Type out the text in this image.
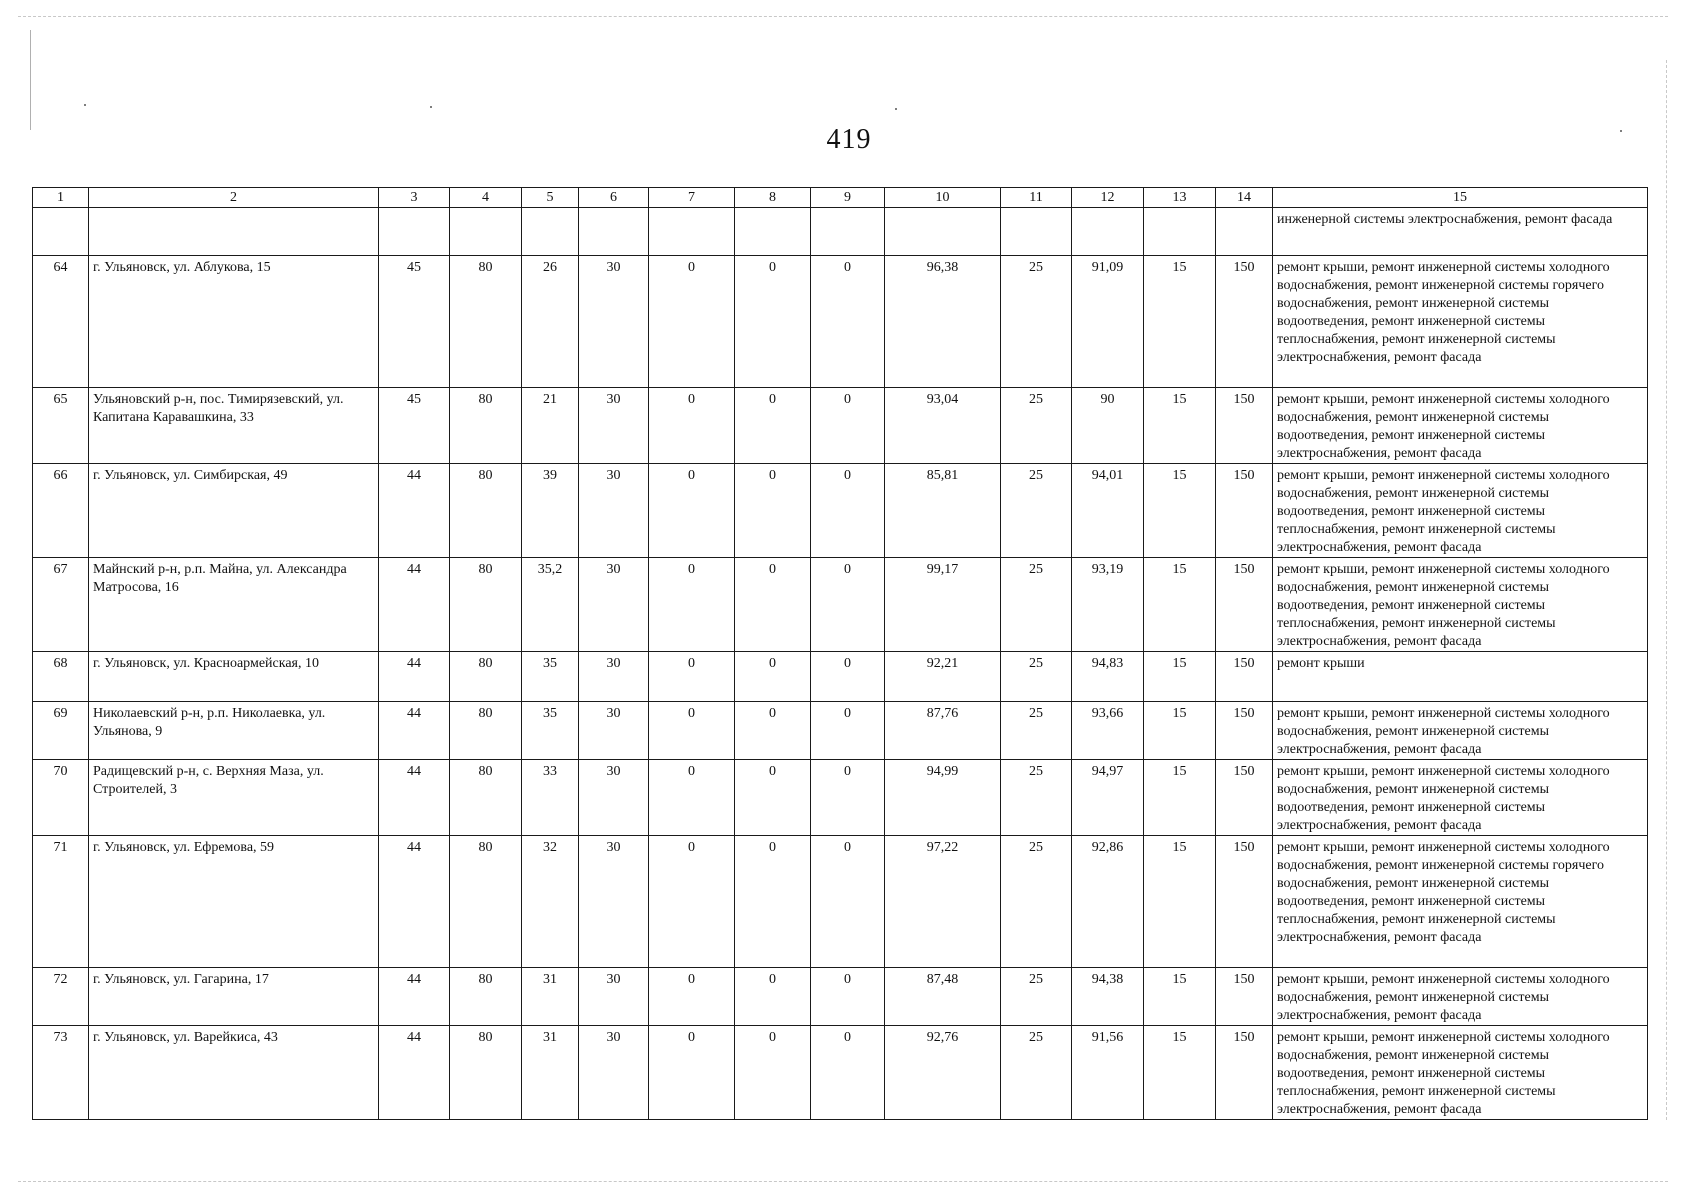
419
1	2	3	4	5	6	7	8	9	10	11	12	13	14	15
														инженерной системы электроснабжения, ремонт фасада
64	г. Ульяновск, ул. Аблукова, 15	45	80	26	30	0	0	0	96,38	25	91,09	15	150	ремонт крыши, ремонт инженерной системы холодного водоснабжения, ремонт инженерной системы горячего водоснабжения, ремонт инженерной системы водоотведения, ремонт инженерной системы теплоснабжения, ремонт инженерной системы электроснабжения, ремонт фасада
65	Ульяновский р-н, пос. Тимирязевский, ул. Капитана Каравашкина, 33	45	80	21	30	0	0	0	93,04	25	90	15	150	ремонт крыши, ремонт инженерной системы холодного водоснабжения, ремонт инженерной системы водоотведения, ремонт инженерной системы электроснабжения, ремонт фасада
66	г. Ульяновск, ул. Симбирская, 49	44	80	39	30	0	0	0	85,81	25	94,01	15	150	ремонт крыши, ремонт инженерной системы холодного водоснабжения, ремонт инженерной системы водоотведения, ремонт инженерной системы теплоснабжения, ремонт инженерной системы электроснабжения, ремонт фасада
67	Майнский р-н, р.п. Майна, ул. Александра Матросова, 16	44	80	35,2	30	0	0	0	99,17	25	93,19	15	150	ремонт крыши, ремонт инженерной системы холодного водоснабжения, ремонт инженерной системы водоотведения, ремонт инженерной системы теплоснабжения, ремонт инженерной системы электроснабжения, ремонт фасада
68	г. Ульяновск, ул. Красноармейская, 10	44	80	35	30	0	0	0	92,21	25	94,83	15	150	ремонт крыши
69	Николаевский р-н, р.п. Николаевка, ул. Ульянова, 9	44	80	35	30	0	0	0	87,76	25	93,66	15	150	ремонт крыши, ремонт инженерной системы холодного водоснабжения, ремонт инженерной системы электроснабжения, ремонт фасада
70	Радищевский р-н, с. Верхняя Маза, ул. Строителей, 3	44	80	33	30	0	0	0	94,99	25	94,97	15	150	ремонт крыши, ремонт инженерной системы холодного водоснабжения, ремонт инженерной системы водоотведения, ремонт инженерной системы электроснабжения, ремонт фасада
71	г. Ульяновск, ул. Ефремова, 59	44	80	32	30	0	0	0	97,22	25	92,86	15	150	ремонт крыши, ремонт инженерной системы холодного водоснабжения, ремонт инженерной системы горячего водоснабжения, ремонт инженерной системы водоотведения, ремонт инженерной системы теплоснабжения, ремонт инженерной системы электроснабжения, ремонт фасада
72	г. Ульяновск, ул. Гагарина, 17	44	80	31	30	0	0	0	87,48	25	94,38	15	150	ремонт крыши, ремонт инженерной системы холодного водоснабжения, ремонт инженерной системы электроснабжения, ремонт фасада
73	г. Ульяновск, ул. Варейкиса, 43	44	80	31	30	0	0	0	92,76	25	91,56	15	150	ремонт крыши, ремонт инженерной системы холодного водоснабжения, ремонт инженерной системы водоотведения, ремонт инженерной системы теплоснабжения, ремонт инженерной системы электроснабжения, ремонт фасада
